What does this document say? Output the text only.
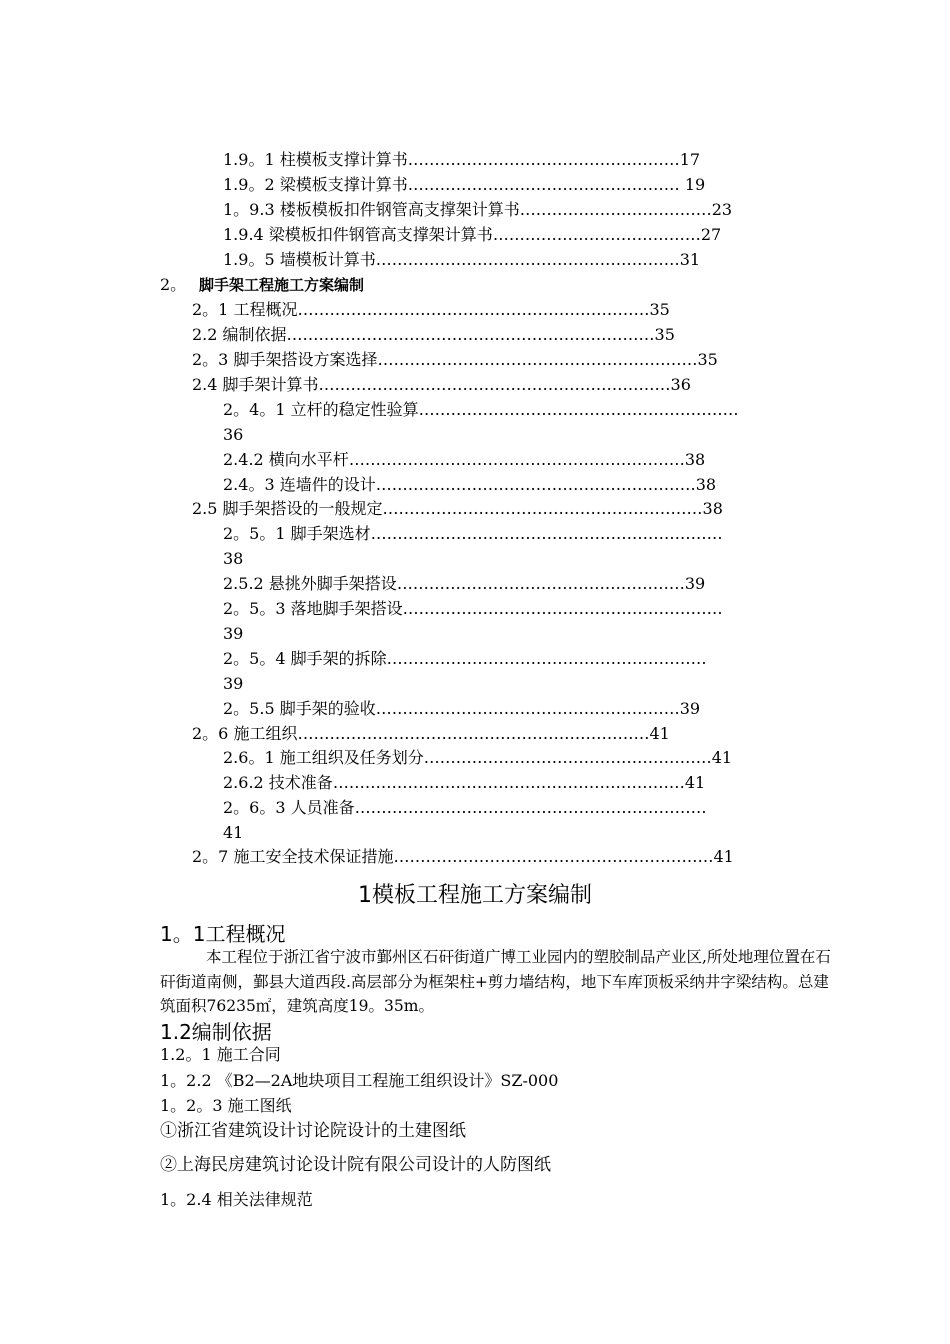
1.9。1 柱模板支撑计算书……………………………………………17
1.9。2 梁模板支撑计算书…………………………………………… 19
1。9.3 楼板模板扣件钢管高支撑架计算书………………………………23
1.9.4 梁模板扣件钢管高支撑架计算书…………………………………27
1.9。5 墙模板计算书…………………………………………………31
2。 脚手架工程施工方案编制
2。1 工程概况…………………………………………………………35
2.2 编制依据……………………………………………………………35
2。3 脚手架搭设方案选择……………………………………………………35
2.4 脚手架计算书…………………………………………………………36
2。4。1 立杆的稳定性验算……………………………………………………
36
2.4.2 横向水平杆………………………………………………………38
2.4。3 连墙件的设计……………………………………………………38
2.5 脚手架搭设的一般规定……………………………………………………38
2。5。1 脚手架选材…………………………………………………………
38
2.5.2 悬挑外脚手架搭设………………………………………………39
2。5。3 落地脚手架搭设……………………………………………………
39
2。5。4 脚手架的拆除……………………………………………………
39
2。5.5 脚手架的验收…………………………………………………39
2。6 施工组织…………………………………………………………41
2.6。1 施工组织及任务划分………………………………………………41
2.6.2 技术准备…………………………………………………………41
2。6。3 人员准备…………………………………………………………
41
2。7 施工安全技术保证措施……………………………………………………41
1模板工程施工方案编制
1。1工程概况
本工程位于浙江省宁波市鄞州区石矸街道广博工业园内的塑胶制品产业区,所处地理位置在石矸街道南侧，鄞县大道西段.高层部分为框架柱+剪力墙结构，地下车库顶板采纳井字梁结构。总建筑面积76235㎡，建筑高度19。35m。
1.2编制依据
1.2。1 施工合同
1。2.2 《B2—2A地块项目工程施工组织设计》SZ-000
1。2。3 施工图纸
①浙江省建筑设计讨论院设计的土建图纸
②上海民房建筑讨论设计院有限公司设计的人防图纸
1。2.4 相关法律规范
